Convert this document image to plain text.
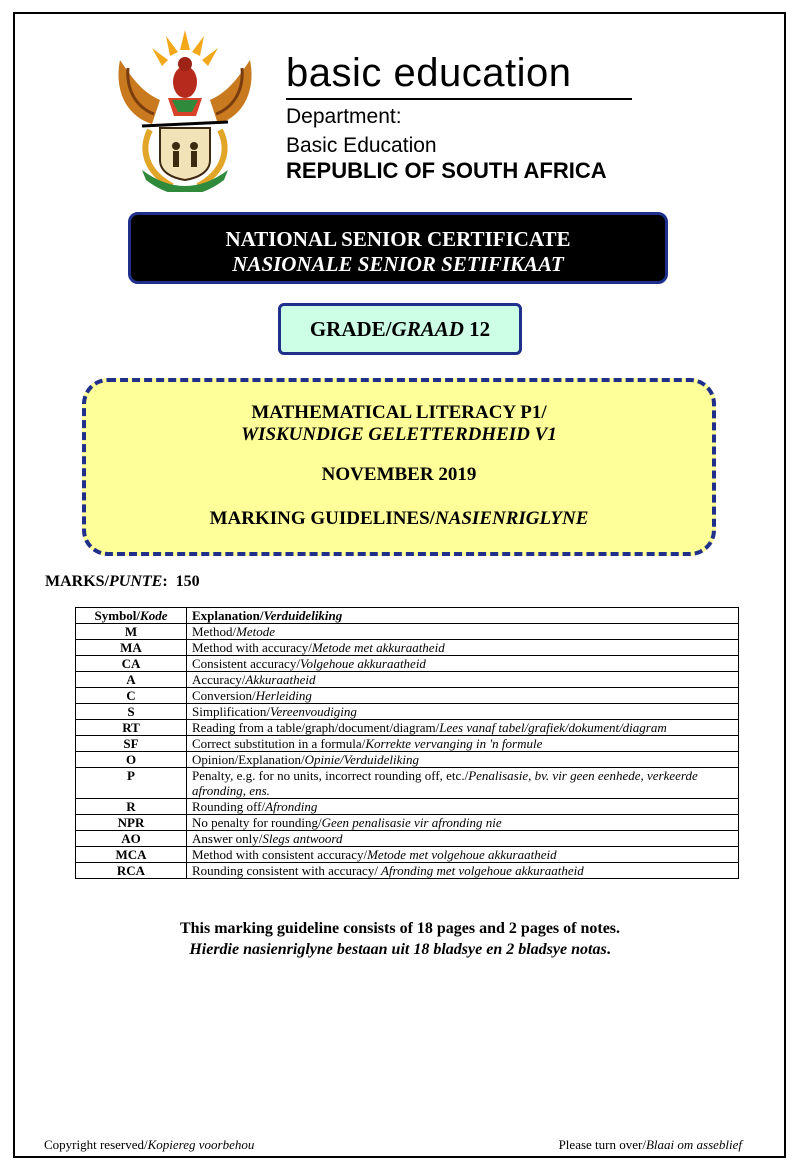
basic education
Department:
Basic Education
REPUBLIC OF SOUTH AFRICA
NATIONAL SENIOR CERTIFICATE
NASIONALE SENIOR SETIFIKAAT
GRADE/GRAAD 12
MATHEMATICAL LITERACY P1/
WISKUNDIGE GELETTERDHEID V1
NOVEMBER 2019
MARKING GUIDELINES/NASIENRIGLYNE
MARKS/PUNTE: 150
Symbol/Kode	Explanation/Verduideliking
M	Method/Metode
MA	Method with accuracy/Metode met akkuraatheid
CA	Consistent accuracy/Volgehoue akkuraatheid
A	Accuracy/Akkuraatheid
C	Conversion/Herleiding
S	Simplification/Vereenvoudiging
RT	Reading from a table/graph/document/diagram/Lees vanaf tabel/grafiek/dokument/diagram
SF	Correct substitution in a formula/Korrekte vervanging in 'n formule
O	Opinion/Explanation/Opinie/Verduideliking
P	Penalty, e.g. for no units, incorrect rounding off, etc./Penalisasie, bv. vir geen eenhede, verkeerde afronding, ens.
R	Rounding off/Afronding
NPR	No penalty for rounding/Geen penalisasie vir afronding nie
AO	Answer only/Slegs antwoord
MCA	Method with consistent accuracy/Metode met volgehoue akkuraatheid
RCA	Rounding consistent with accuracy/ Afronding met volgehoue akkuraatheid
This marking guideline consists of 18 pages and 2 pages of notes.
Hierdie nasienriglyne bestaan uit 18 bladsye en 2 bladsye notas.
Copyright reserved/Kopiereg voorbehou	Please turn over/Blaai om asseblief
